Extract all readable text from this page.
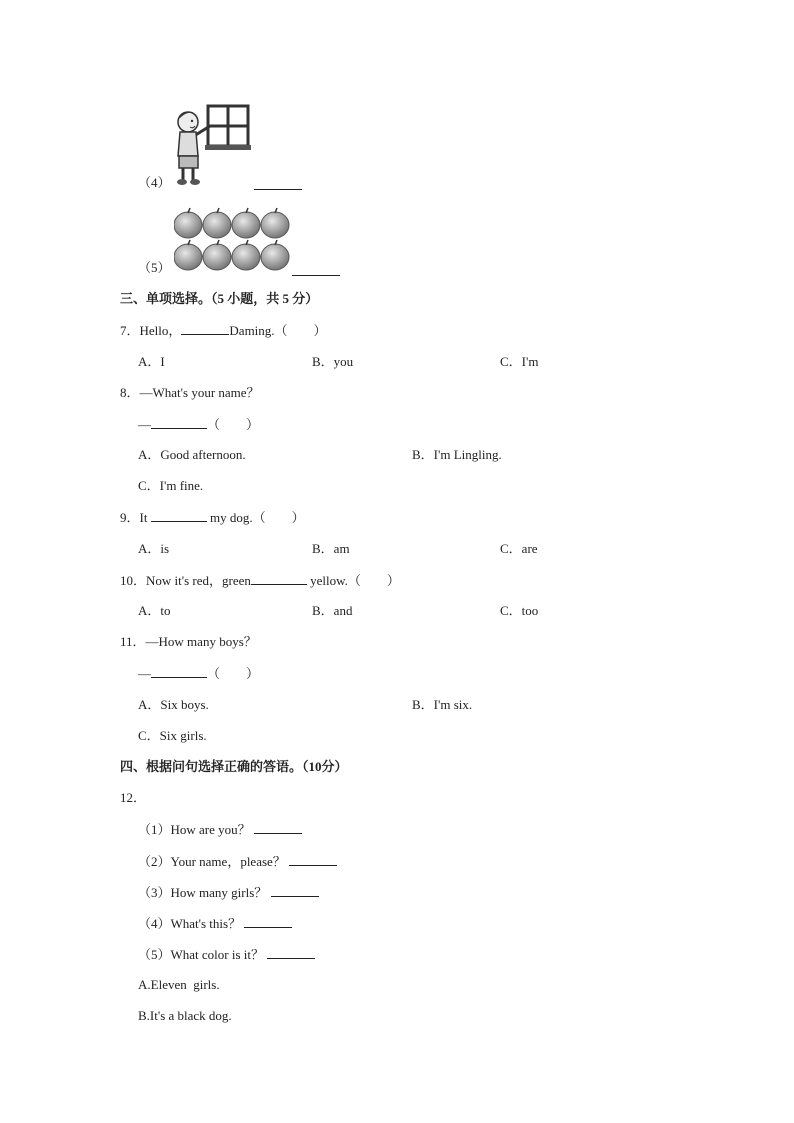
（4）
（5）
三、单项选择。（5 小题，共 5 分）
7．Hello，	Daming.（　　）
A．I	B．you	C．I'm
8．—What's your name？
—	（　　）
A．Good afternoon.	B．I'm Lingling.
C．I'm fine.
9．It	my dog.（　　）
A．is	B．am	C．are
10．Now it's red，green	yellow.（　　）
A．to	B．and	C．too
11．—How many boys？
—	（　　）
A．Six boys.	B．I'm six.
C．Six girls.
四、根据问句选择正确的答语。（10分）
12．
（1）How are you？
（2）Your name，please？
（3）How many girls？
（4）What's this？
（5）What color is it？
A.Eleven  girls.
B.It's a black dog.
